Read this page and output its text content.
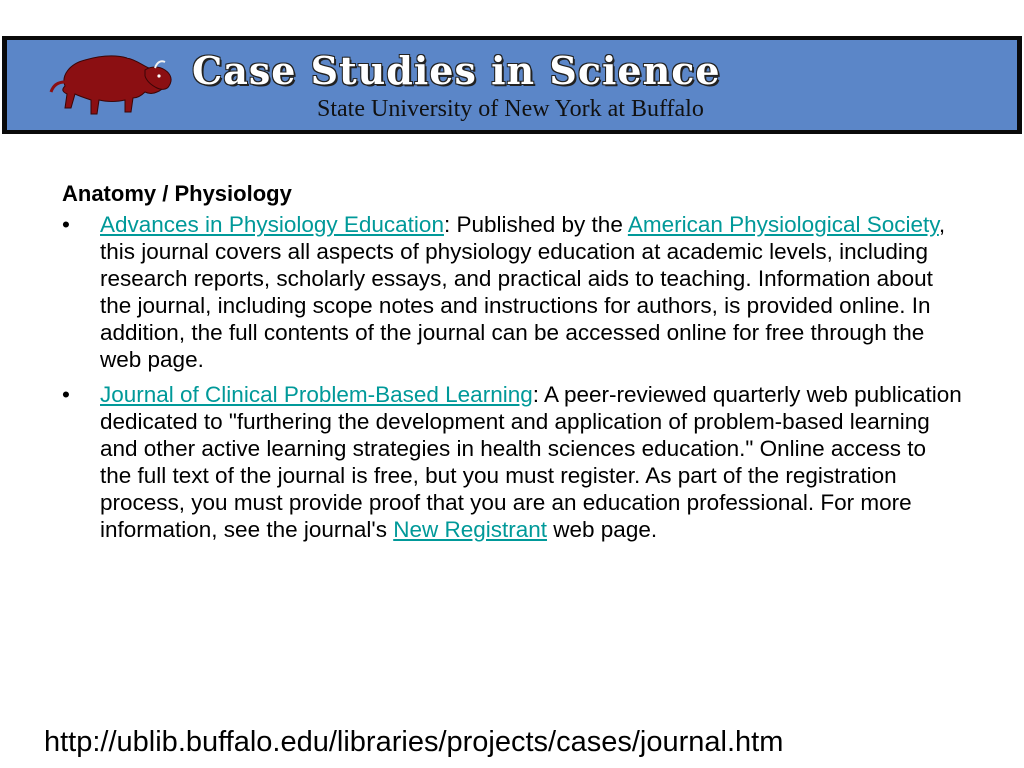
Case Studies in Science
State University of New York at Buffalo
Anatomy / Physiology
• Advances in Physiology Education: Published by the American Physiological Society, this journal covers all aspects of physiology education at academic levels, including research reports, scholarly essays, and practical aids to teaching. Information about the journal, including scope notes and instructions for authors, is provided online. In addition, the full contents of the journal can be accessed online for free through the web page.
• Journal of Clinical Problem-Based Learning: A peer-reviewed quarterly web publication dedicated to "furthering the development and application of problem-based learning and other active learning strategies in health sciences education." Online access to the full text of the journal is free, but you must register. As part of the registration process, you must provide proof that you are an education professional. For more information, see the journal's New Registrant web page.
http://ublib.buffalo.edu/libraries/projects/cases/journal.htm
